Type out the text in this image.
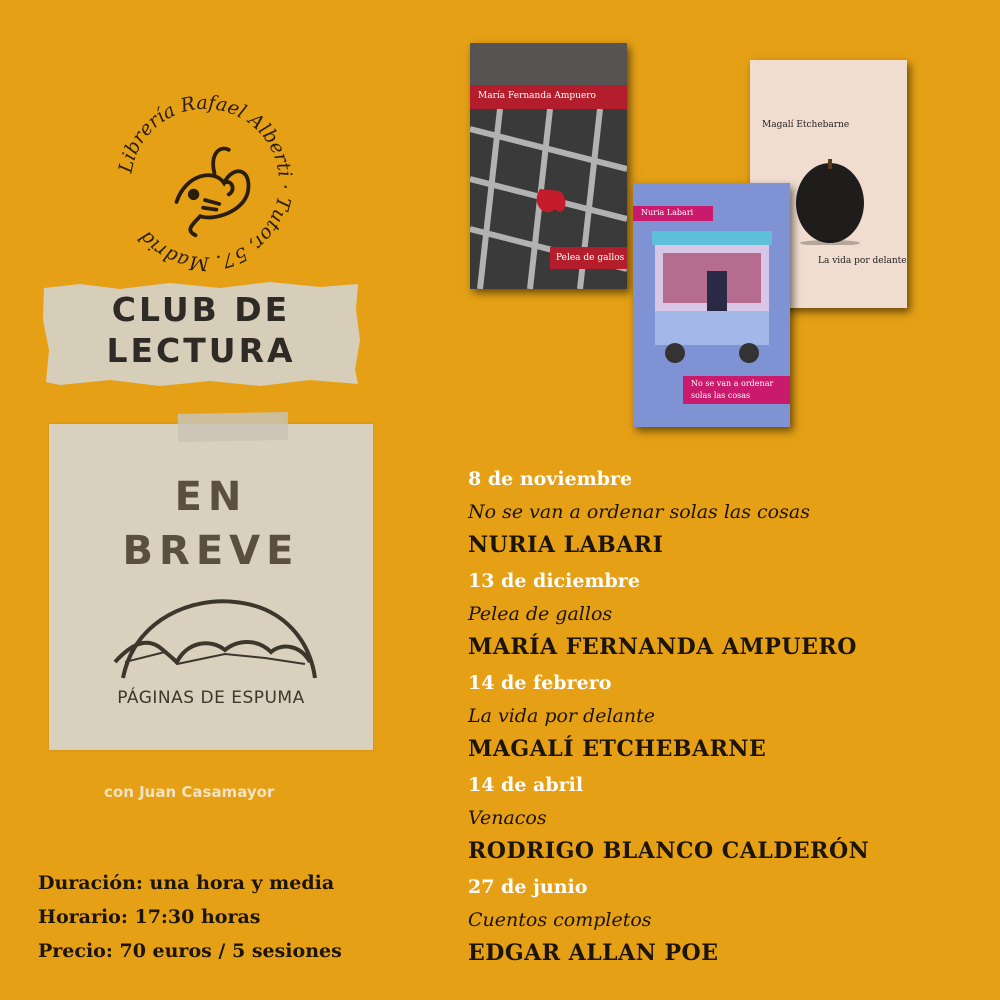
Librería Rafael Alberti · Tutor, 57. Madrid
CLUB DE
LECTURA
EN
BREVE
PÁGINAS DE ESPUMA
con Juan Casamayor
Duración: una hora y media
Horario: 17:30 horas
Precio: 70 euros / 5 sesiones
María Fernanda Ampuero
Pelea de gallos
Magalí Etchebarne
La vida por delante
Nuria Labari
No se van a ordenar
solas las cosas
8 de noviembre
No se van a ordenar solas las cosas
NURIA LABARI
13 de diciembre
Pelea de gallos
MARÍA FERNANDA AMPUERO
14 de febrero
La vida por delante
MAGALÍ ETCHEBARNE
14 de abril
Venacos
RODRIGO BLANCO CALDERÓN
27 de junio
Cuentos completos
EDGAR ALLAN POE
